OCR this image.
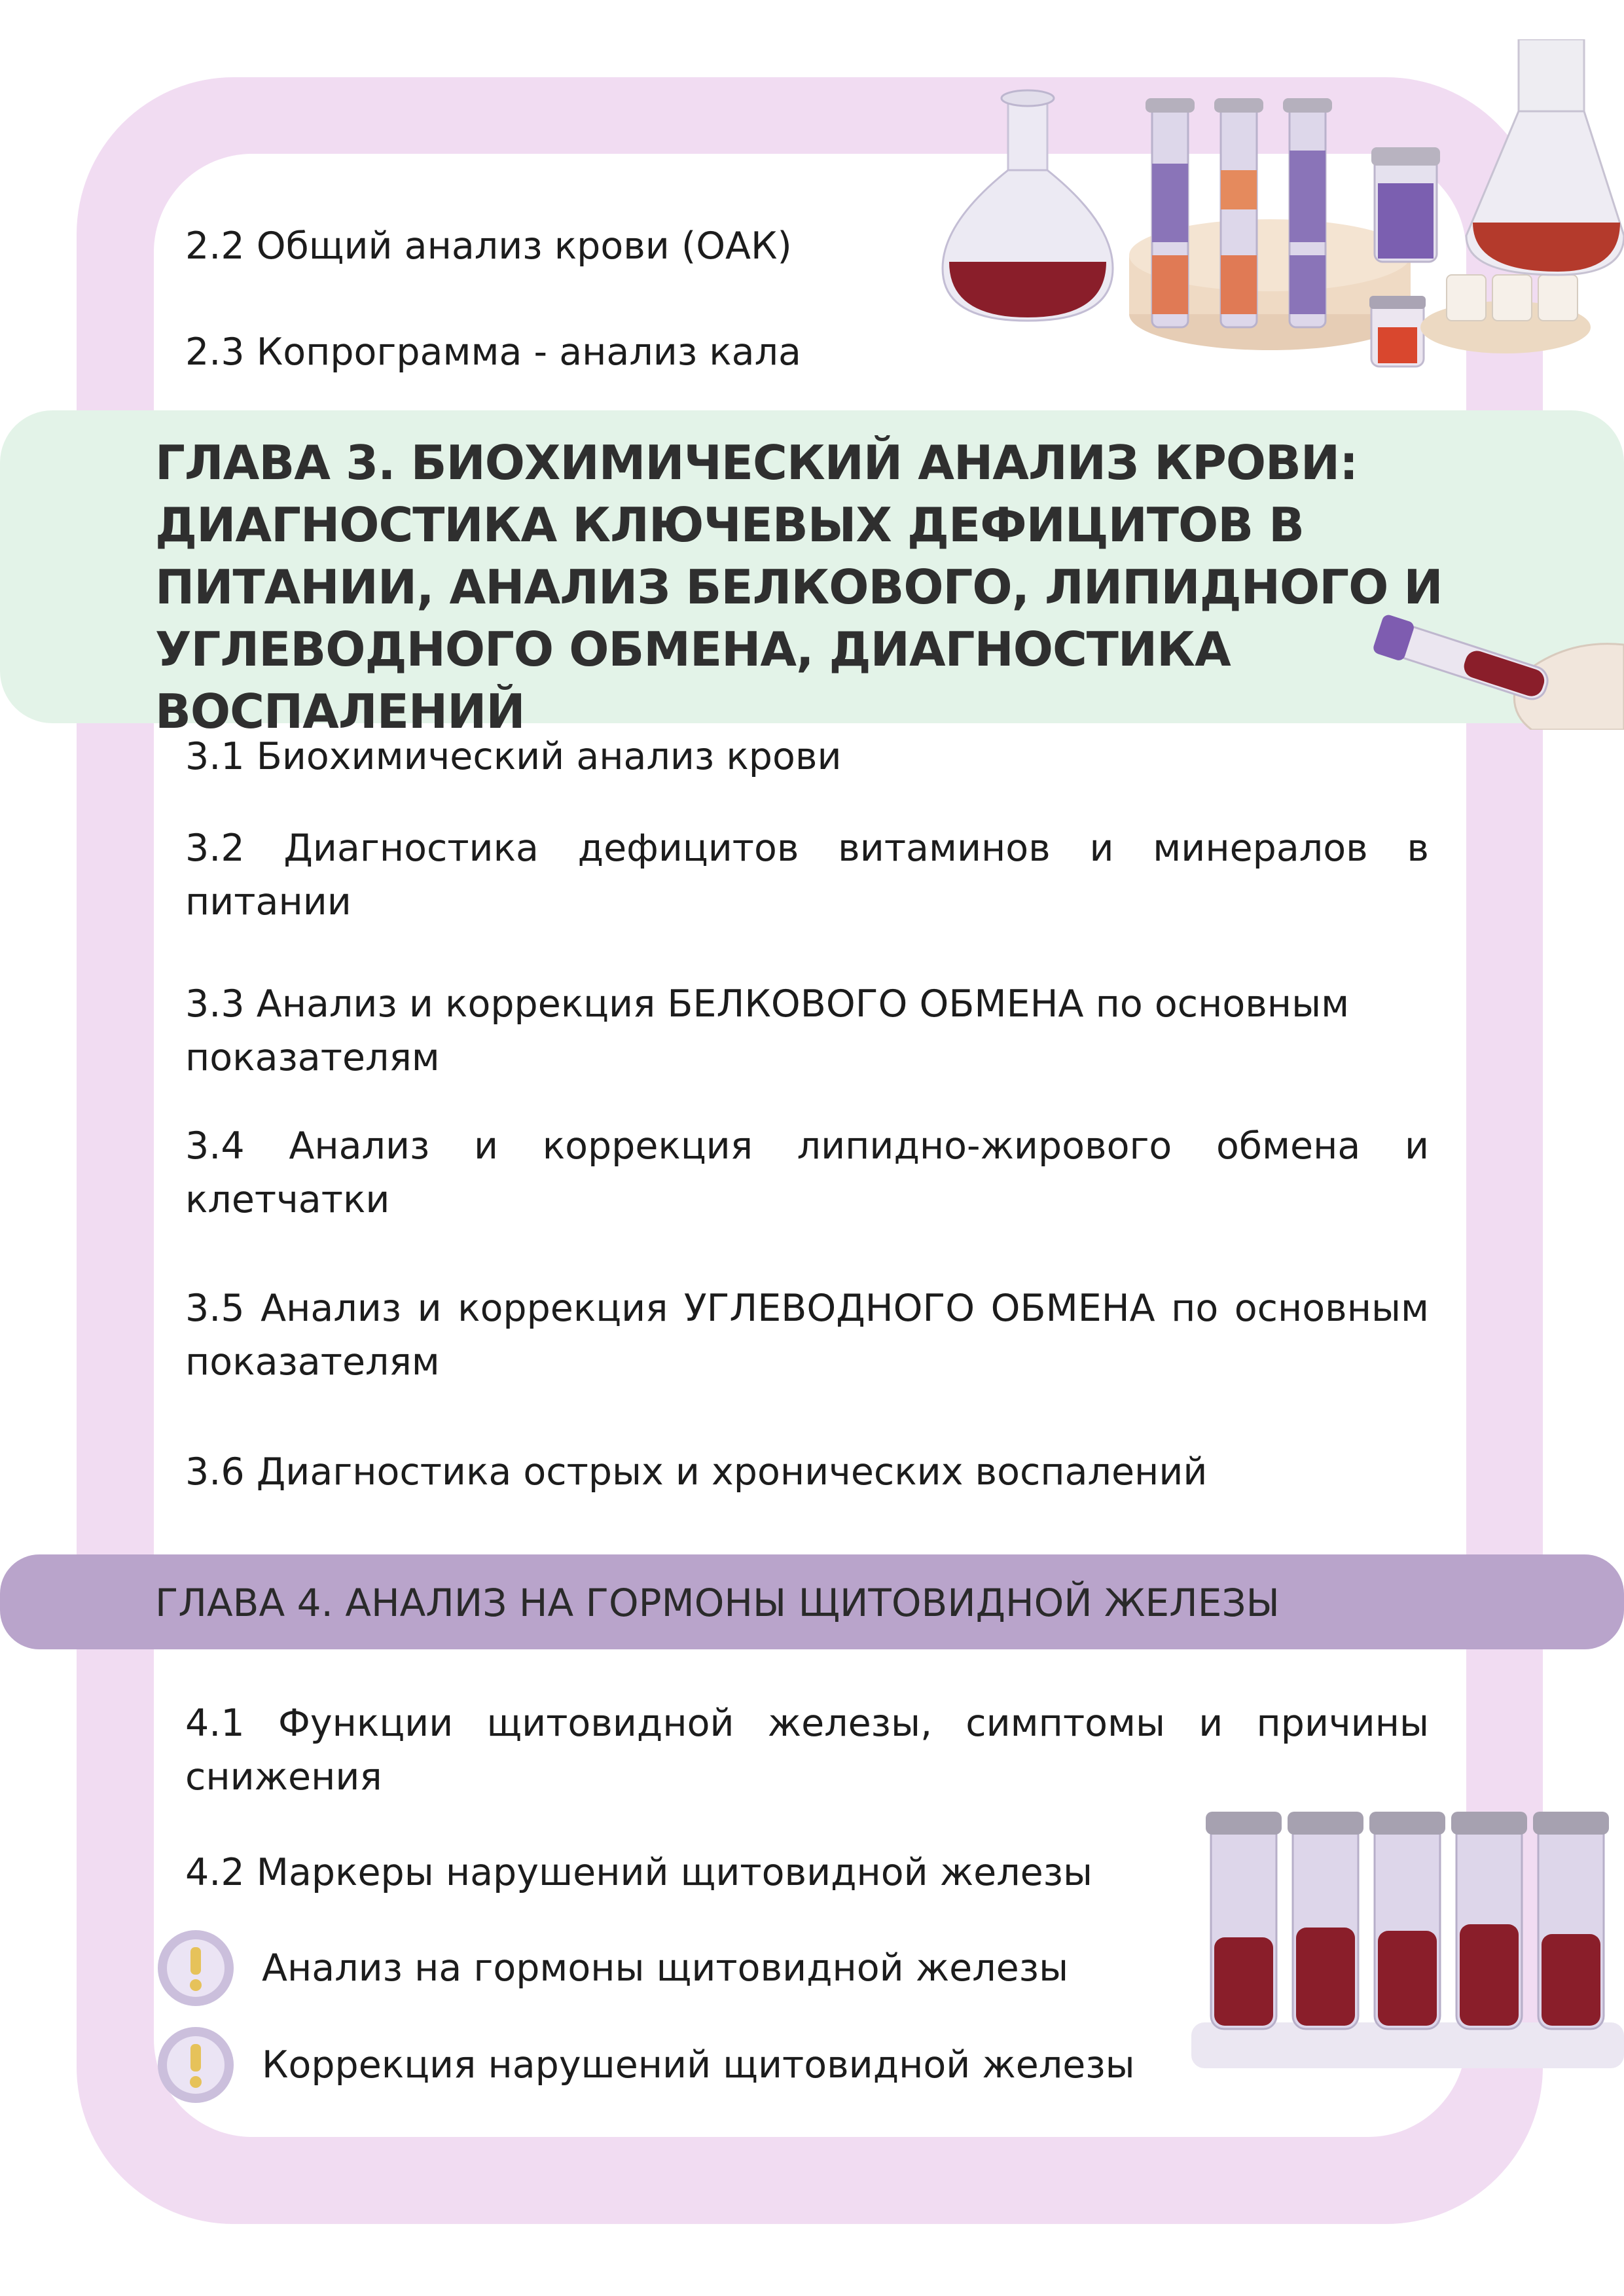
2.2 Общий анализ крови (ОАК)
2.3 Копрограмма - анализ кала
ГЛАВА 3. БИОХИМИЧЕСКИЙ АНАЛИЗ КРОВИ: ДИАГНОСТИКА КЛЮЧЕВЫХ ДЕФИЦИТОВ В ПИТАНИИ, АНАЛИЗ БЕЛКОВОГО, ЛИПИДНОГО И УГЛЕВОДНОГО ОБМЕНА, ДИАГНОСТИКА ВОСПАЛЕНИЙ
3.1 Биохимический анализ крови
3.2 Диагностика дефицитов витаминов и минералов в питании
3.3 Анализ и коррекция БЕЛКОВОГО ОБМЕНА по основным показателям
3.4 Анализ и коррекция липидно-жирового обмена и клетчатки
3.5 Анализ и коррекция УГЛЕВОДНОГО ОБМЕНА по основным показателям
3.6 Диагностика острых и хронических воспалений
ГЛАВА 4. АНАЛИЗ НА ГОРМОНЫ ЩИТОВИДНОЙ ЖЕЛЕЗЫ
4.1 Функции щитовидной железы, симптомы и причины снижения
4.2 Маркеры нарушений щитовидной железы
Анализ на гормоны щитовидной железы
Коррекция нарушений щитовидной железы
